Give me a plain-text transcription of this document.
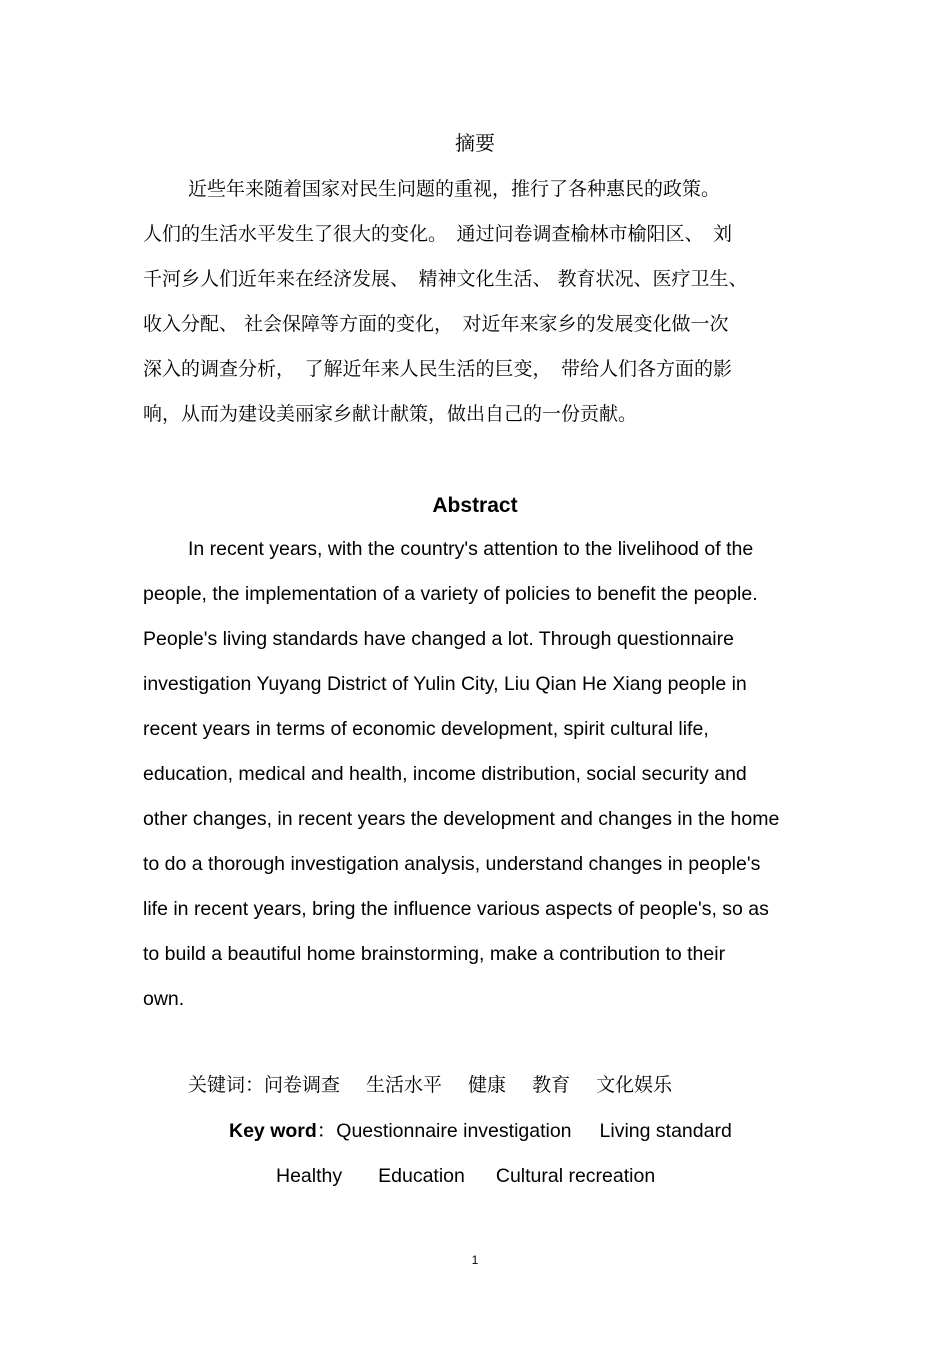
摘要
近些年来随着国家对民生问题的重视，推行了各种惠民的政策。
人们的生活水平发生了很大的变化。　通过问卷调查榆林市榆阳区、　刘
千河乡人们近年来在经济发展、　精神文化生活、 教育状况、医疗卫生、
收入分配、 社会保障等方面的变化，　对近年来家乡的发展变化做一次
深入的调查分析，　了解近年来人民生活的巨变，　带给人们各方面的影
响，从而为建设美丽家乡献计献策，做出自己的一份贡献。
Abstract
In recent years, with the country's attention to the livelihood of the
people, the implementation of a variety of policies to benefit the people.
People's living standards have changed a lot. Through questionnaire
investigation Yuyang District of Yulin City, Liu Qian He Xiang people in
recent years in terms of economic development, spirit cultural life,
education, medical and health, income distribution, social security and
other changes, in recent years the development and changes in the home
to do a thorough investigation analysis, understand changes in people's
life in recent years, bring the influence various aspects of people's, so as
to build a beautiful home brainstorming, make a contribution to their
own.
关键词：问卷调查 生活水平 健康 教育 文化娱乐
Key word：Questionnaire investigation Living standard
Healthy Education Cultural recreation
1
